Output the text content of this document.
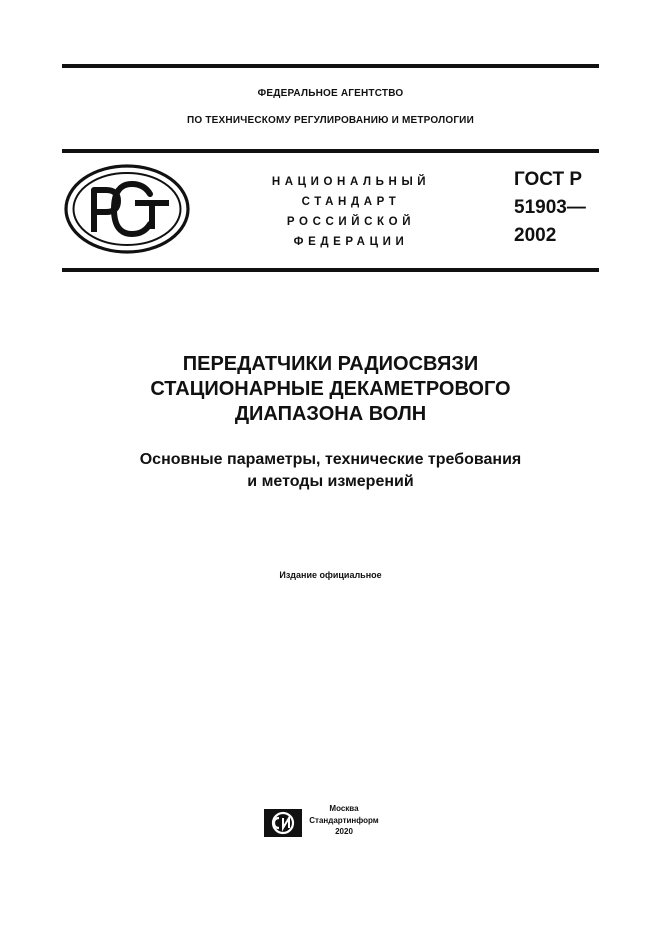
ФЕДЕРАЛЬНОЕ АГЕНТСТВО
ПО ТЕХНИЧЕСКОМУ РЕГУЛИРОВАНИЮ И МЕТРОЛОГИИ
НАЦИОНАЛЬНЫЙ
СТАНДАРТ
РОССИЙСКОЙ
ФЕДЕРАЦИИ
ГОСТ Р
51903—
2002
ПЕРЕДАТЧИКИ РАДИОСВЯЗИ
СТАЦИОНАРНЫЕ ДЕКАМЕТРОВОГО
ДИАПАЗОНА ВОЛН
Основные параметры, технические требования
и методы измерений
Издание официальное
Москва
Стандартинформ
2020
